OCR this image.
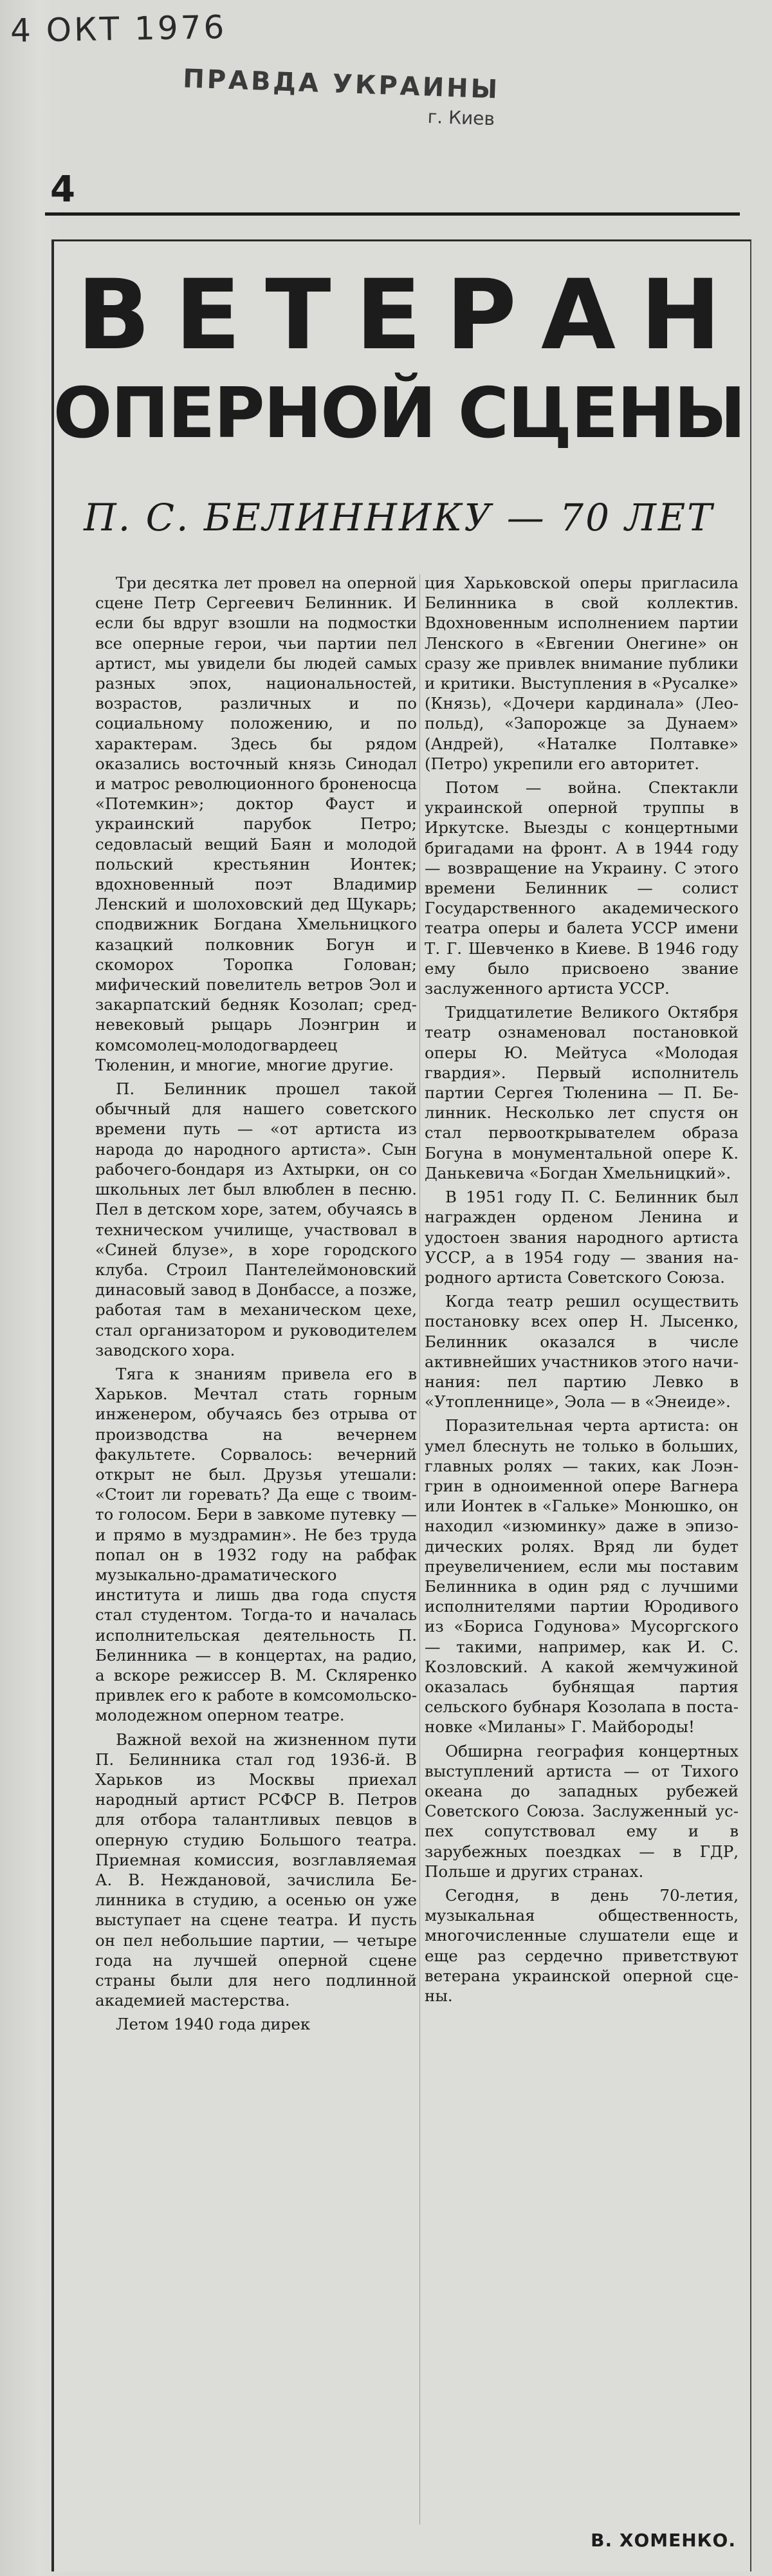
4 ОКТ 1976
ПРАВДА УКРАИНЫ
г. Киев
4
ВЕТЕРАН
ОПЕРНОЙ СЦЕНЫ
П. С. БЕЛИННИКУ — 70 ЛЕТ

Три десятка лет провел на оперной сцене Петр Сергеевич Белинник. И если бы вдруг взошли на подмостки все оперные герои, чьи партии пел артист, мы увидели бы людей самых разных эпох, национальностей, возрастов, различных и по социальному положению, и по характерам. Здесь бы рядом оказались восточный князь Синодал и матрос революционного броненосца «Потемкин»; доктор Фауст и украинский парубок Петро; седовласый вещий Баян и молодой польский крестьянин Ионтек; вдохновенный поэт Владимир Ленский и шолоховский дед Щукарь; сподвижник Богдана Хмельницкого казацкий полковник Богун и скоморох Торопка Голован; мифический повелитель ветров Эол и закарпатский бедняк Козолап; средневековый рыцарь Лоэнгрин и комсомолец-молодогвардеец Тюленин, и многие, многие другие.

П. Белинник прошел такой обычный для нашего советского времени путь — «от артиста из народа до народного артиста». Сын рабочего-бондаря из Ахтырки, он со школьных лет был влюблен в песню. Пел в детском хоре, затем, обучаясь в техническом училище, участвовал в «Синей блузе», в хоре городского клуба. Строил Пантелеймоновский динасовый завод в Донбассе, а позже, работая там в механическом цехе, стал организатором и руководителем заводского хора.

Тяга к знаниям привела его в Харьков. Мечтал стать горным инженером, обучаясь без отрыва от производства на вечернем факультете. Сорвалось: вечерний открыт не был. Друзья утешали: «Стоит ли горевать? Да еще с твоим-то голосом. Бери в завкоме путевку — и прямо в муздрамин». Не без труда попал он в 1932 году на рабфак музыкально-драматического института и лишь два года спустя стал студентом. Тогда-то и началась исполнительская деятельность П. Белинника — в концертах, на радио, а вскоре режиссер В. М. Скляренко привлек его к работе в комсомольско-молодежном оперном театре.

Важной вехой на жизненном пути П. Белинника стал год 1936-й. В Харьков из Москвы приехал народный артист РСФСР В. Петров для отбора талантливых певцов в оперную студию Большого театра. Приемная комиссия, возглавляемая А. В. Неждановой, зачислила Белинника в студию, а осенью он уже выступает на сцене театра. И пусть он пел небольшие партии, — четыре года на лучшей оперной сцене страны были для него подлинной академией мастерства.

Летом 1940 года дирек

ция Харьковской оперы пригласила Белинника в свой коллектив. Вдохновенным исполнением партии Ленского в «Евгении Онегине» он сразу же привлек внимание публики и критики. Выступления в «Русалке» (Князь), «Дочери кардинала» (Леопольд), «Запорожце за Дунаем» (Андрей), «Наталке Полтавке» (Петро) укрепили его авторитет.

Потом — война. Спектакли украинской оперной труппы в Иркутске. Выезды с концертными бригадами на фронт. А в 1944 году — возвращение на Украину. С этого времени Белинник — солист Государственного академического театра оперы и балета УССР имени Т. Г. Шевченко в Киеве. В 1946 году ему было присвоено звание заслуженного артиста УССР.

Тридцатилетие Великого Октября театр ознаменовал постановкой оперы Ю. Мейтуса «Молодая гвардия». Первый исполнитель партии Сергея Тюленина — П. Белинник. Несколько лет спустя он стал первооткрывателем образа Богуна в монументальной опере К. Данькевича «Богдан Хмельницкий».

В 1951 году П. С. Белинник был награжден орденом Ленина и удостоен звания народного артиста УССР, а в 1954 году — звания народного артиста Советского Союза.

Когда театр решил осуществить постановку всех опер Н. Лысенко, Белинник оказался в числе активнейших участников этого начинания: пел партию Левко в «Утопленнице», Эола — в «Энеиде».

Поразительная черта артиста: он умел блеснуть не только в больших, главных ролях — таких, как Лоэнгрин в одноименной опере Вагнера или Ионтек в «Гальке» Монюшко, он находил «изюминку» даже в эпизодических ролях. Вряд ли будет преувеличением, если мы поставим Белинника в один ряд с лучшими исполнителями партии Юродивого из «Бориса Годунова» Мусоргского — такими, например, как И. С. Козловский. А какой жемчужиной оказалась бубнящая партия сельского бубнаря Козолапа в постановке «Миланы» Г. Майбороды!

Обширна география концертных выступлений артиста — от Тихого океана до западных рубежей Советского Союза. Заслуженный успех сопутствовал ему и в зарубежных поездках — в ГДР, Польше и других странах.

Сегодня, в день 70-летия, музыкальная общественность, многочисленные слушатели еще и еще раз сердечно приветствуют ветерана украинской оперной сцены.

В. ХОМЕНКО.
